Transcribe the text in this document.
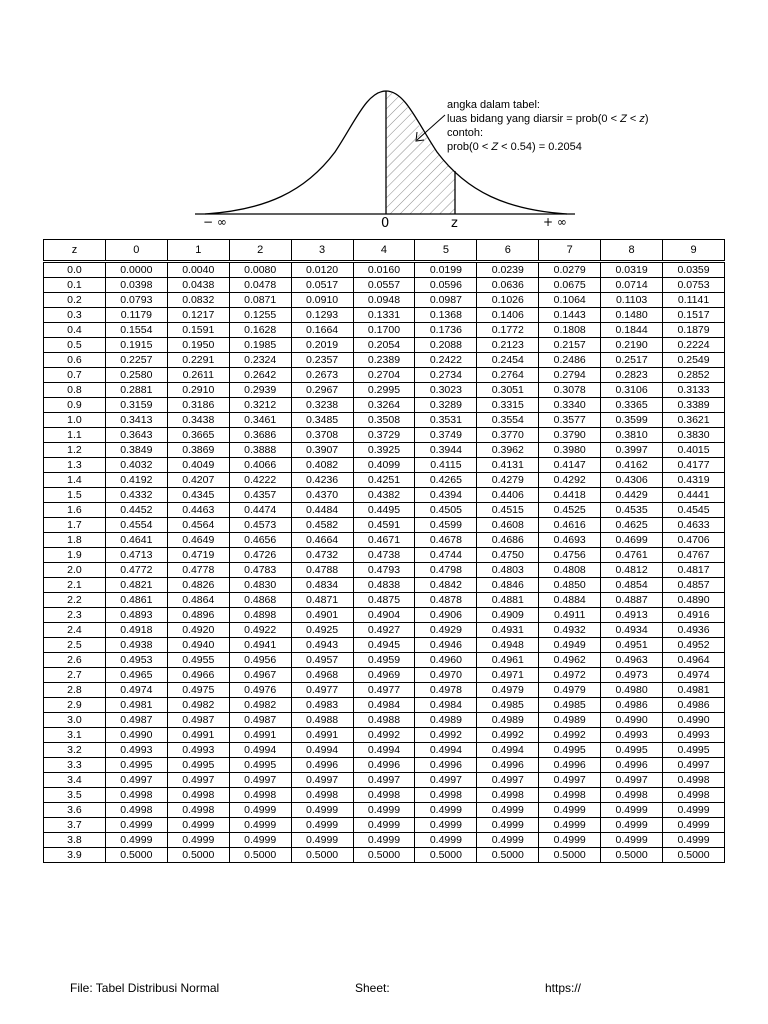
− ∞	0	z	+ ∞
angka dalam tabel:
luas bidang yang diarsir = prob(0 < Z < z)
contoh:
prob(0 < Z < 0.54) = 0.2054
z	0	1	2	3	4	5	6	7	8	9
0.0	0.0000	0.0040	0.0080	0.0120	0.0160	0.0199	0.0239	0.0279	0.0319	0.0359
0.1	0.0398	0.0438	0.0478	0.0517	0.0557	0.0596	0.0636	0.0675	0.0714	0.0753
0.2	0.0793	0.0832	0.0871	0.0910	0.0948	0.0987	0.1026	0.1064	0.1103	0.1141
0.3	0.1179	0.1217	0.1255	0.1293	0.1331	0.1368	0.1406	0.1443	0.1480	0.1517
0.4	0.1554	0.1591	0.1628	0.1664	0.1700	0.1736	0.1772	0.1808	0.1844	0.1879
0.5	0.1915	0.1950	0.1985	0.2019	0.2054	0.2088	0.2123	0.2157	0.2190	0.2224
0.6	0.2257	0.2291	0.2324	0.2357	0.2389	0.2422	0.2454	0.2486	0.2517	0.2549
0.7	0.2580	0.2611	0.2642	0.2673	0.2704	0.2734	0.2764	0.2794	0.2823	0.2852
0.8	0.2881	0.2910	0.2939	0.2967	0.2995	0.3023	0.3051	0.3078	0.3106	0.3133
0.9	0.3159	0.3186	0.3212	0.3238	0.3264	0.3289	0.3315	0.3340	0.3365	0.3389
1.0	0.3413	0.3438	0.3461	0.3485	0.3508	0.3531	0.3554	0.3577	0.3599	0.3621
1.1	0.3643	0.3665	0.3686	0.3708	0.3729	0.3749	0.3770	0.3790	0.3810	0.3830
1.2	0.3849	0.3869	0.3888	0.3907	0.3925	0.3944	0.3962	0.3980	0.3997	0.4015
1.3	0.4032	0.4049	0.4066	0.4082	0.4099	0.4115	0.4131	0.4147	0.4162	0.4177
1.4	0.4192	0.4207	0.4222	0.4236	0.4251	0.4265	0.4279	0.4292	0.4306	0.4319
1.5	0.4332	0.4345	0.4357	0.4370	0.4382	0.4394	0.4406	0.4418	0.4429	0.4441
1.6	0.4452	0.4463	0.4474	0.4484	0.4495	0.4505	0.4515	0.4525	0.4535	0.4545
1.7	0.4554	0.4564	0.4573	0.4582	0.4591	0.4599	0.4608	0.4616	0.4625	0.4633
1.8	0.4641	0.4649	0.4656	0.4664	0.4671	0.4678	0.4686	0.4693	0.4699	0.4706
1.9	0.4713	0.4719	0.4726	0.4732	0.4738	0.4744	0.4750	0.4756	0.4761	0.4767
2.0	0.4772	0.4778	0.4783	0.4788	0.4793	0.4798	0.4803	0.4808	0.4812	0.4817
2.1	0.4821	0.4826	0.4830	0.4834	0.4838	0.4842	0.4846	0.4850	0.4854	0.4857
2.2	0.4861	0.4864	0.4868	0.4871	0.4875	0.4878	0.4881	0.4884	0.4887	0.4890
2.3	0.4893	0.4896	0.4898	0.4901	0.4904	0.4906	0.4909	0.4911	0.4913	0.4916
2.4	0.4918	0.4920	0.4922	0.4925	0.4927	0.4929	0.4931	0.4932	0.4934	0.4936
2.5	0.4938	0.4940	0.4941	0.4943	0.4945	0.4946	0.4948	0.4949	0.4951	0.4952
2.6	0.4953	0.4955	0.4956	0.4957	0.4959	0.4960	0.4961	0.4962	0.4963	0.4964
2.7	0.4965	0.4966	0.4967	0.4968	0.4969	0.4970	0.4971	0.4972	0.4973	0.4974
2.8	0.4974	0.4975	0.4976	0.4977	0.4977	0.4978	0.4979	0.4979	0.4980	0.4981
2.9	0.4981	0.4982	0.4982	0.4983	0.4984	0.4984	0.4985	0.4985	0.4986	0.4986
3.0	0.4987	0.4987	0.4987	0.4988	0.4988	0.4989	0.4989	0.4989	0.4990	0.4990
3.1	0.4990	0.4991	0.4991	0.4991	0.4992	0.4992	0.4992	0.4992	0.4993	0.4993
3.2	0.4993	0.4993	0.4994	0.4994	0.4994	0.4994	0.4994	0.4995	0.4995	0.4995
3.3	0.4995	0.4995	0.4995	0.4996	0.4996	0.4996	0.4996	0.4996	0.4996	0.4997
3.4	0.4997	0.4997	0.4997	0.4997	0.4997	0.4997	0.4997	0.4997	0.4997	0.4998
3.5	0.4998	0.4998	0.4998	0.4998	0.4998	0.4998	0.4998	0.4998	0.4998	0.4998
3.6	0.4998	0.4998	0.4999	0.4999	0.4999	0.4999	0.4999	0.4999	0.4999	0.4999
3.7	0.4999	0.4999	0.4999	0.4999	0.4999	0.4999	0.4999	0.4999	0.4999	0.4999
3.8	0.4999	0.4999	0.4999	0.4999	0.4999	0.4999	0.4999	0.4999	0.4999	0.4999
3.9	0.5000	0.5000	0.5000	0.5000	0.5000	0.5000	0.5000	0.5000	0.5000	0.5000
File: Tabel Distribusi Normal	Sheet:	https://
